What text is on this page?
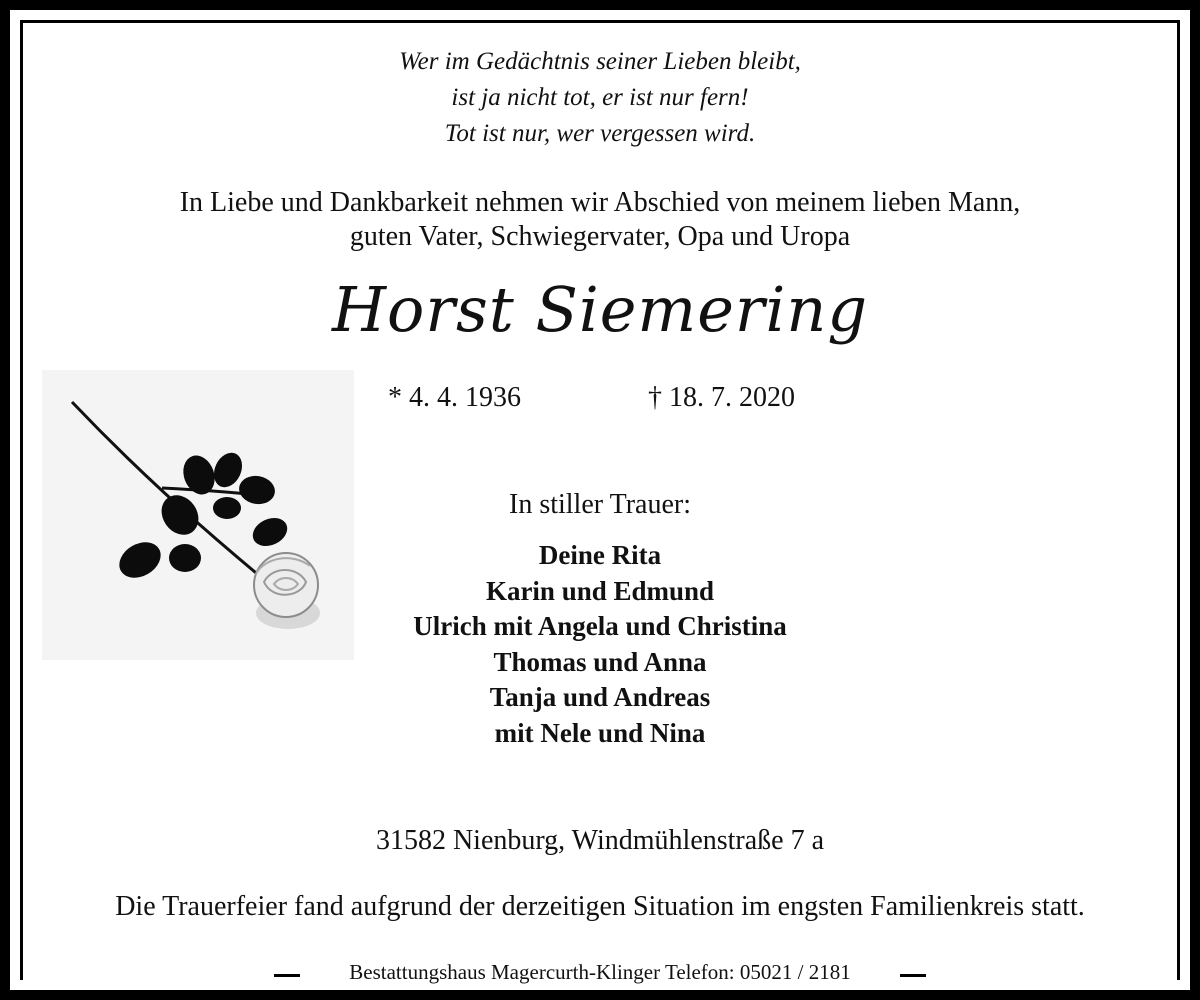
Wer im Gedächtnis seiner Lieben bleibt,
ist ja nicht tot, er ist nur fern!
Tot ist nur, wer vergessen wird.
In Liebe und Dankbarkeit nehmen wir Abschied von meinem lieben Mann,
guten Vater, Schwiegervater, Opa und Uropa
Horst Siemering
* 4. 4. 1936	† 18. 7. 2020
In stiller Trauer:
Deine Rita
Karin und Edmund
Ulrich mit Angela und Christina
Thomas und Anna
Tanja und Andreas
mit Nele und Nina
31582 Nienburg, Windmühlenstraße 7 a
Die Trauerfeier fand aufgrund der derzeitigen Situation im engsten Familienkreis statt.
Bestattungshaus Magercurth-Klinger Telefon: 05021 / 2181
